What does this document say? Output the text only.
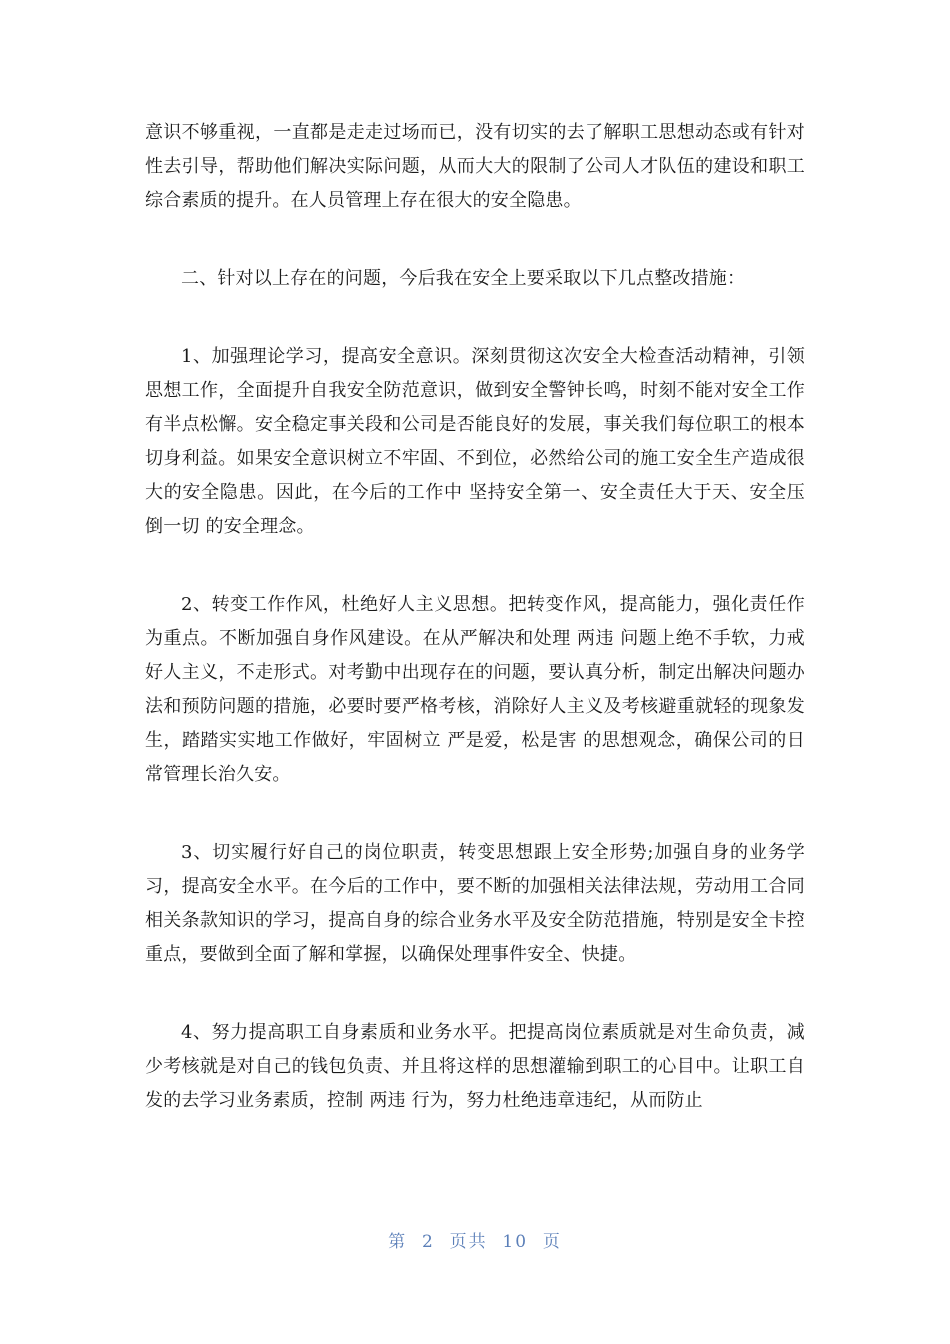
意识不够重视，一直都是走走过场而已，没有切实的去了解职工思想动态或有针对性去引导，帮助他们解决实际问题，从而大大的限制了公司人才队伍的建设和职工综合素质的提升。在人员管理上存在很大的安全隐患。

二、针对以上存在的问题，今后我在安全上要采取以下几点整改措施：

1、加强理论学习，提高安全意识。深刻贯彻这次安全大检查活动精神，引领思想工作，全面提升自我安全防范意识，做到安全警钟长鸣，时刻不能对安全工作有半点松懈。安全稳定事关段和公司是否能良好的发展，事关我们每位职工的根本切身利益。如果安全意识树立不牢固、不到位，必然给公司的施工安全生产造成很大的安全隐患。因此，在今后的工作中 坚持安全第一、安全责任大于天、安全压倒一切 的安全理念。

2、转变工作作风，杜绝好人主义思想。把转变作风，提高能力，强化责任作为重点。不断加强自身作风建设。在从严解决和处理 两违 问题上绝不手软，力戒好人主义，不走形式。对考勤中出现存在的问题，要认真分析，制定出解决问题办法和预防问题的措施，必要时要严格考核，消除好人主义及考核避重就轻的现象发生，踏踏实实地工作做好，牢固树立 严是爱，松是害 的思想观念，确保公司的日常管理长治久安。

3、切实履行好自己的岗位职责，转变思想跟上安全形势;加强自身的业务学习，提高安全水平。在今后的工作中，要不断的加强相关法律法规，劳动用工合同相关条款知识的学习，提高自身的综合业务水平及安全防范措施，特别是安全卡控重点，要做到全面了解和掌握，以确保处理事件安全、快捷。

4、努力提高职工自身素质和业务水平。把提高岗位素质就是对生命负责，减少考核就是对自己的钱包负责、并且将这样的思想灌输到职工的心目中。让职工自发的去学习业务素质，控制 两违 行为，努力杜绝违章违纪，从而防止

第 2 页共 10 页
